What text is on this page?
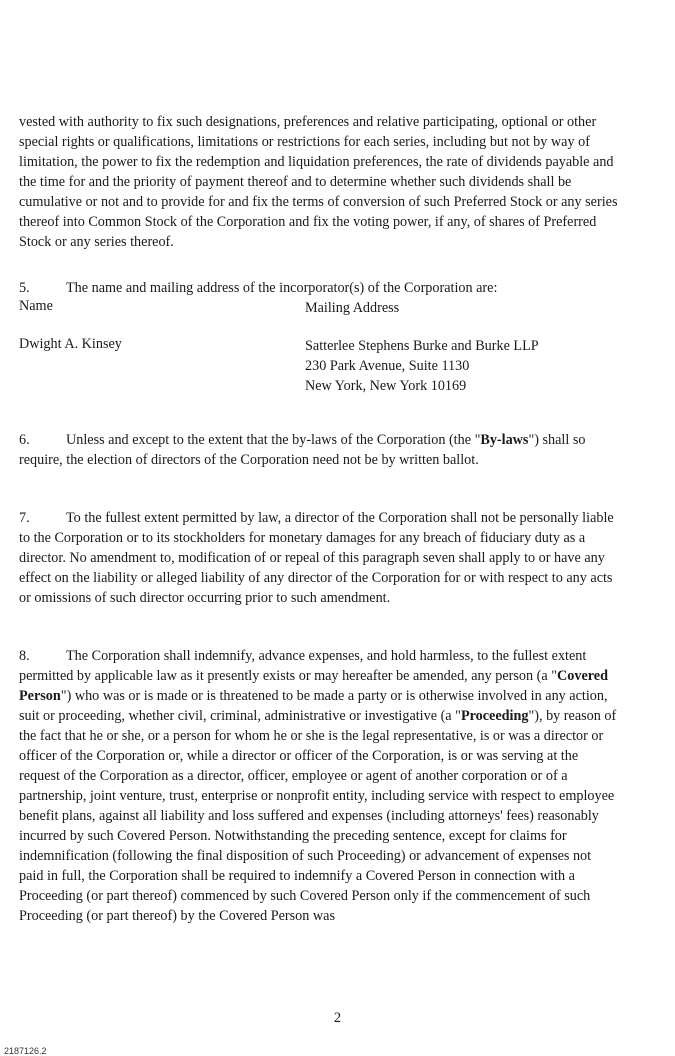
vested with authority to fix such designations, preferences and relative participating, optional or other special rights or qualifications, limitations or restrictions for each series, including but not by way of limitation, the power to fix the redemption and liquidation preferences, the rate of dividends payable and the time for and the priority of payment thereof and to determine whether such dividends shall be cumulative or not and to provide for and fix the terms of conversion of such Preferred Stock or any series thereof into Common Stock of the Corporation and fix the voting power, if any, of shares of Preferred Stock or any series thereof.

5.	The name and mailing address of the incorporator(s) of the Corporation are:

Name	Mailing Address
Dwight A. Kinsey	Satterlee Stephens Burke and Burke LLP
230 Park Avenue, Suite 1130
New York, New York 10169

6.	Unless and except to the extent that the by-laws of the Corporation (the "By-laws") shall so require, the election of directors of the Corporation need not be by written ballot.

7.	To the fullest extent permitted by law, a director of the Corporation shall not be personally liable to the Corporation or to its stockholders for monetary damages for any breach of fiduciary duty as a director. No amendment to, modification of or repeal of this paragraph seven shall apply to or have any effect on the liability or alleged liability of any director of the Corporation for or with respect to any acts or omissions of such director occurring prior to such amendment.

8.	The Corporation shall indemnify, advance expenses, and hold harmless, to the fullest extent permitted by applicable law as it presently exists or may hereafter be amended, any person (a "Covered Person") who was or is made or is threatened to be made a party or is otherwise involved in any action, suit or proceeding, whether civil, criminal, administrative or investigative (a "Proceeding"), by reason of the fact that he or she, or a person for whom he or she is the legal representative, is or was a director or officer of the Corporation or, while a director or officer of the Corporation, is or was serving at the request of the Corporation as a director, officer, employee or agent of another corporation or of a partnership, joint venture, trust, enterprise or nonprofit entity, including service with respect to employee benefit plans, against all liability and loss suffered and expenses (including attorneys' fees) reasonably incurred by such Covered Person. Notwithstanding the preceding sentence, except for claims for indemnification (following the final disposition of such Proceeding) or advancement of expenses not paid in full, the Corporation shall be required to indemnify a Covered Person in connection with a Proceeding (or part thereof) commenced by such Covered Person only if the commencement of such Proceeding (or part thereof) by the Covered Person was

2
2187126.2
